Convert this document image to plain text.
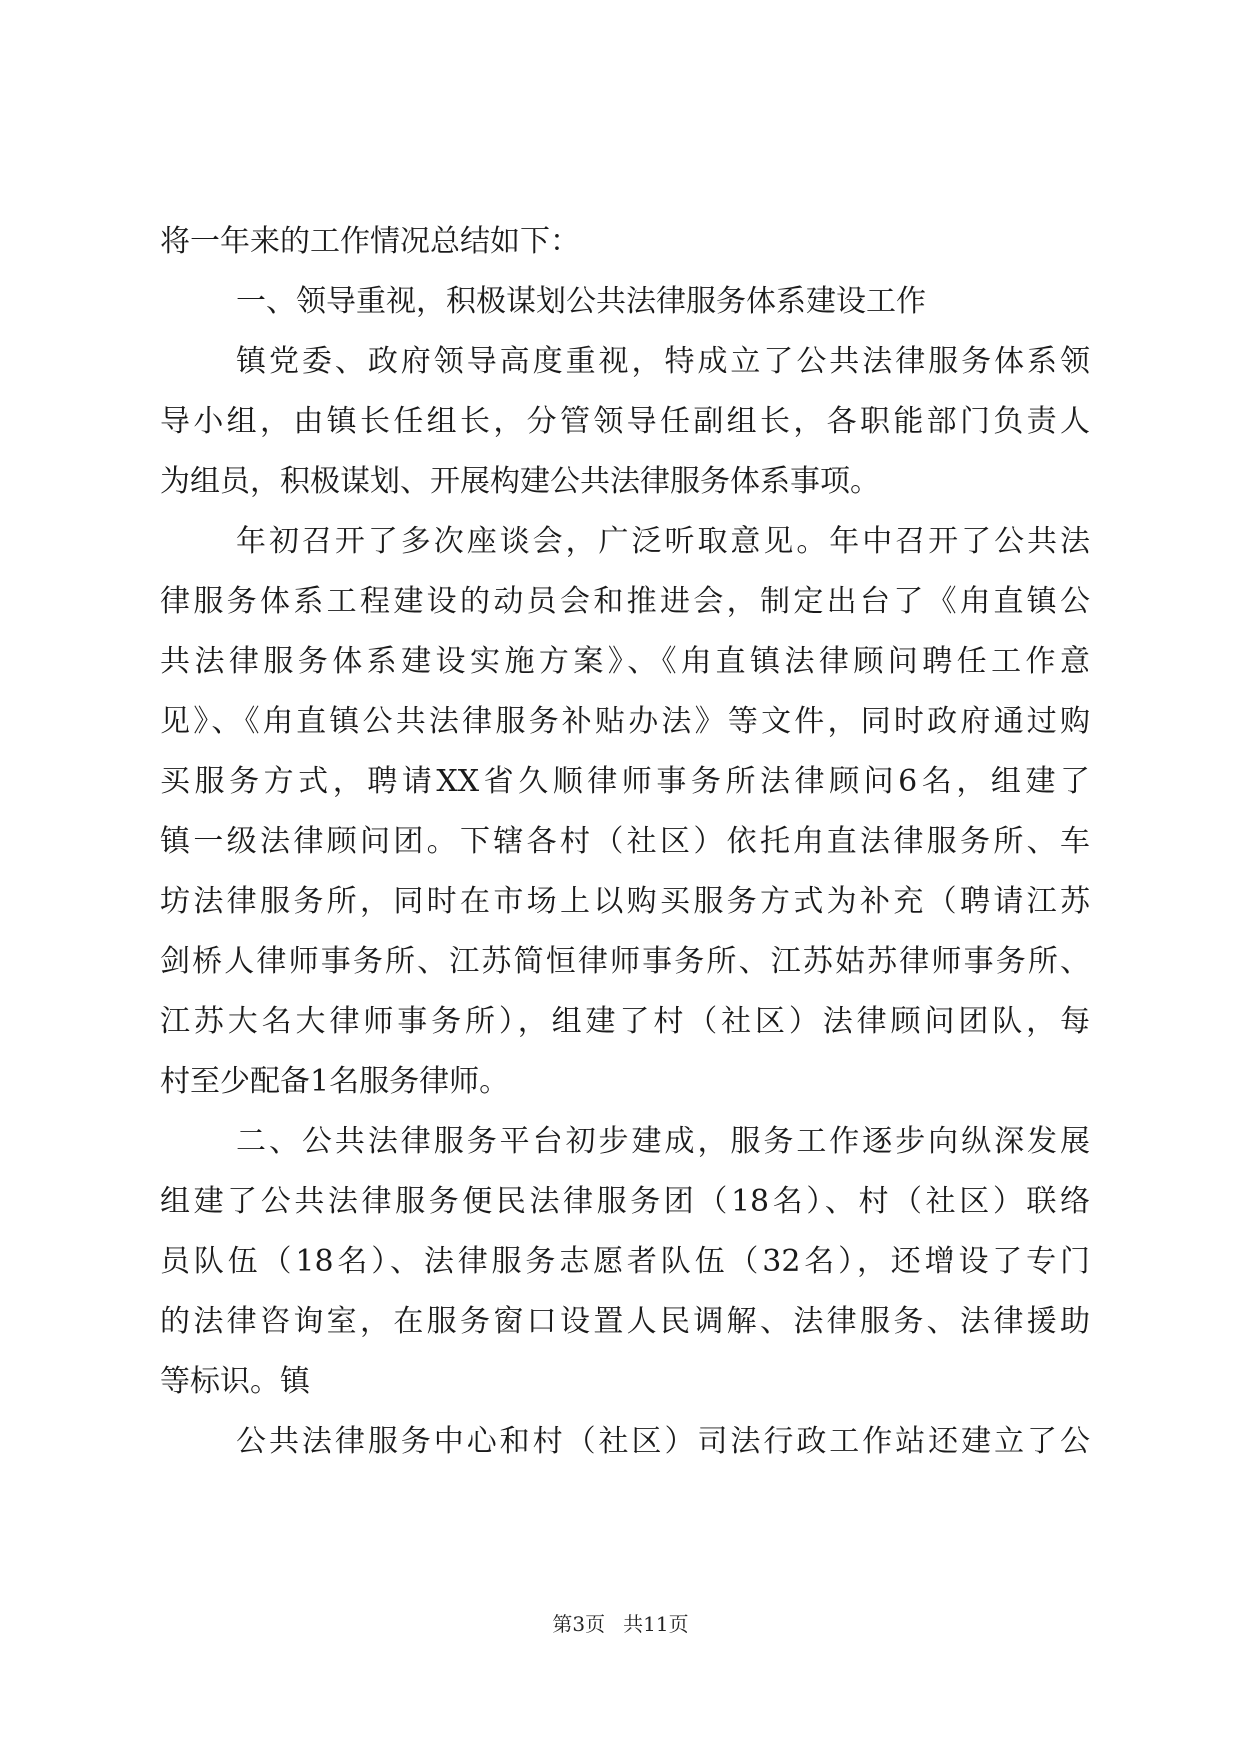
将一年来的工作情况总结如下：
一、领导重视，积极谋划公共法律服务体系建设工作
镇党委、政府领导高度重视，特成立了公共法律服务体系领
导小组，由镇长任组长，分管领导任副组长，各职能部门负责人
为组员，积极谋划、开展构建公共法律服务体系事项。
年初召开了多次座谈会，广泛听取意见。年中召开了公共法
律服务体系工程建设的动员会和推进会，制定出台了《甪直镇公
共法律服务体系建设实施方案》、《甪直镇法律顾问聘任工作意
见》、《甪直镇公共法律服务补贴办法》等文件，同时政府通过购
买服务方式，聘请XX省久顺律师事务所法律顾问6名，组建了
镇一级法律顾问团。下辖各村（社区）依托甪直法律服务所、车
坊法律服务所，同时在市场上以购买服务方式为补充（聘请江苏
剑桥人律师事务所、江苏简恒律师事务所、江苏姑苏律师事务所、
江苏大名大律师事务所），组建了村（社区）法律顾问团队，每
村至少配备1名服务律师。
二、公共法律服务平台初步建成，服务工作逐步向纵深发展
组建了公共法律服务便民法律服务团（18名）、村（社区）联络
员队伍（18名）、法律服务志愿者队伍（32名），还增设了专门
的法律咨询室，在服务窗口设置人民调解、法律服务、法律援助
等标识。镇
公共法律服务中心和村（社区）司法行政工作站还建立了公
第3页 共11页
